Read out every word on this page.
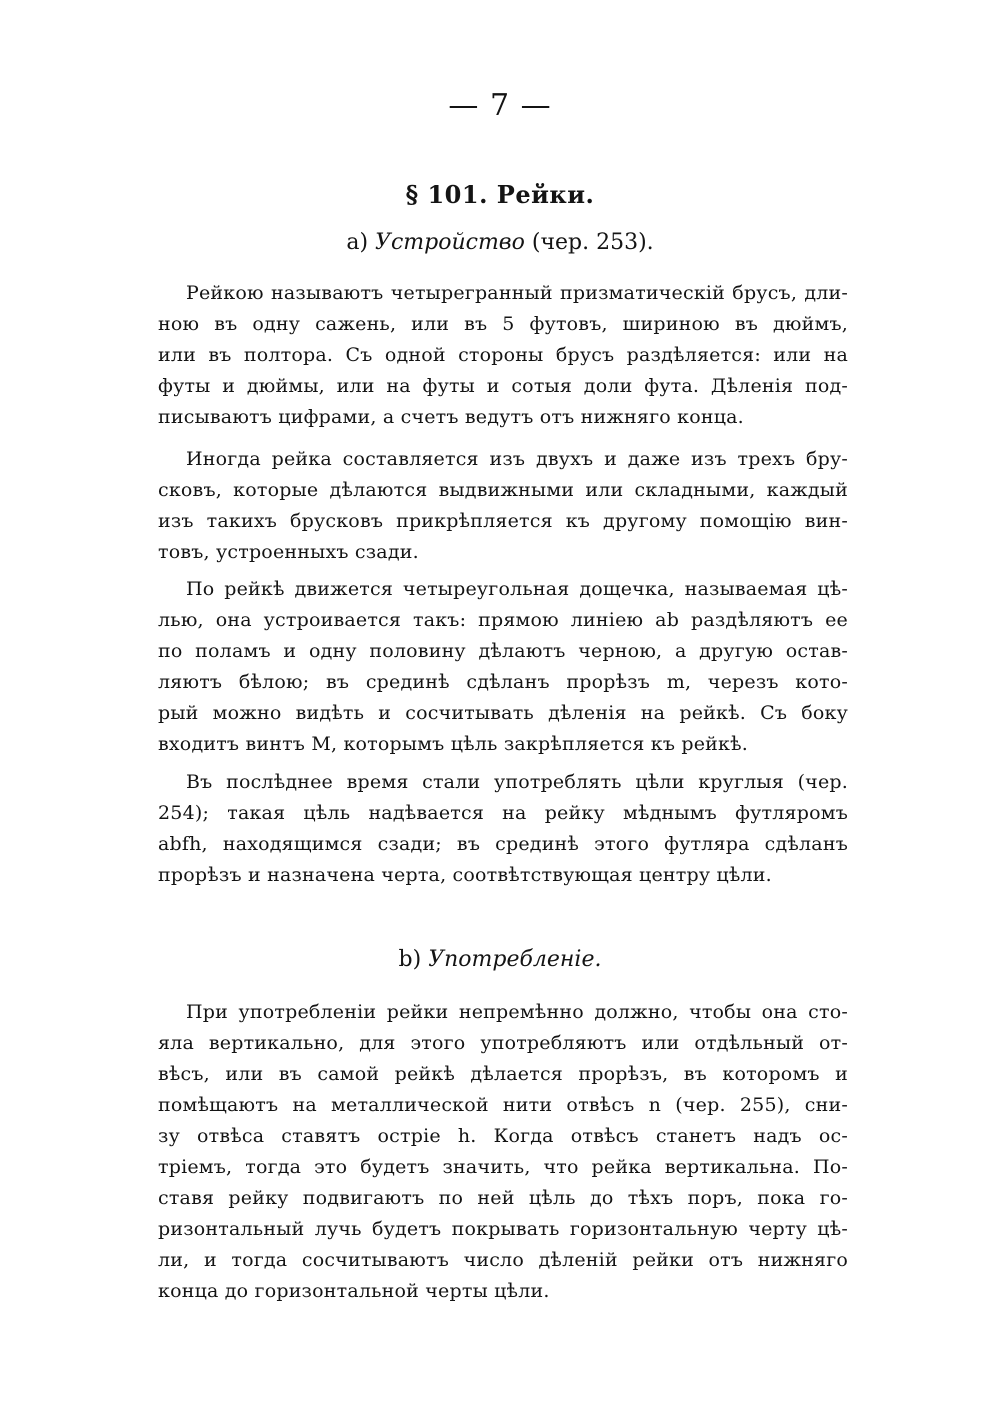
— 7 —
§ 101. Рейки.
a) Устройство (чер. 253).
Рейкою называютъ четырегранный призматическій брусъ, дли-
ною въ одну сажень, или въ 5 футовъ, шириною въ дюймъ,
или въ полтора. Съ одной стороны брусъ раздѣляется: или на
футы и дюймы, или на футы и сотыя доли фута. Дѣленія под-
писываютъ цифрами, а счетъ ведутъ отъ нижняго конца.
Иногда рейка составляется изъ двухъ и даже изъ трехъ бру-
сковъ, которые дѣлаются выдвижными или складными, каждый
изъ такихъ брусковъ прикрѣпляется къ другому помощію вин-
товъ, устроенныхъ сзади.
По рейкѣ движется четыреугольная дощечка, называемая цѣ-
лью, она устроивается такъ: прямою линіею ab раздѣляютъ ее
по поламъ и одну половину дѣлаютъ черною, а другую остав-
ляютъ бѣлою; въ срединѣ сдѣланъ прорѣзъ m, черезъ кото-
рый можно видѣть и сосчитывать дѣленія на рейкѣ. Съ боку
входитъ винтъ М, которымъ цѣль закрѣпляется къ рейкѣ.
Въ послѣднее время стали употреблять цѣли круглыя (чер.
254); такая цѣль надѣвается на рейку мѣднымъ футляромъ
abfh, находящимся сзади; въ срединѣ этого футляра сдѣланъ
прорѣзъ и назначена черта, соотвѣтствующая центру цѣли.
b) Употребленіе.
При употребленіи рейки непремѣнно должно, чтобы она сто-
яла вертикально, для этого употребляютъ или отдѣльный от-
вѣсъ, или въ самой рейкѣ дѣлается прорѣзъ, въ которомъ и
помѣщаютъ на металлической нити отвѣсъ n (чер. 255), сни-
зу отвѣса ставятъ остріе h. Когда отвѣсъ станетъ надъ ос-
тріемъ, тогда это будетъ значить, что рейка вертикальна. По-
ставя рейку подвигаютъ по ней цѣль до тѣхъ поръ, пока го-
ризонтальный лучь будетъ покрывать горизонтальную черту цѣ-
ли, и тогда сосчитываютъ число дѣленій рейки отъ нижняго
конца до горизонтальной черты цѣли.
